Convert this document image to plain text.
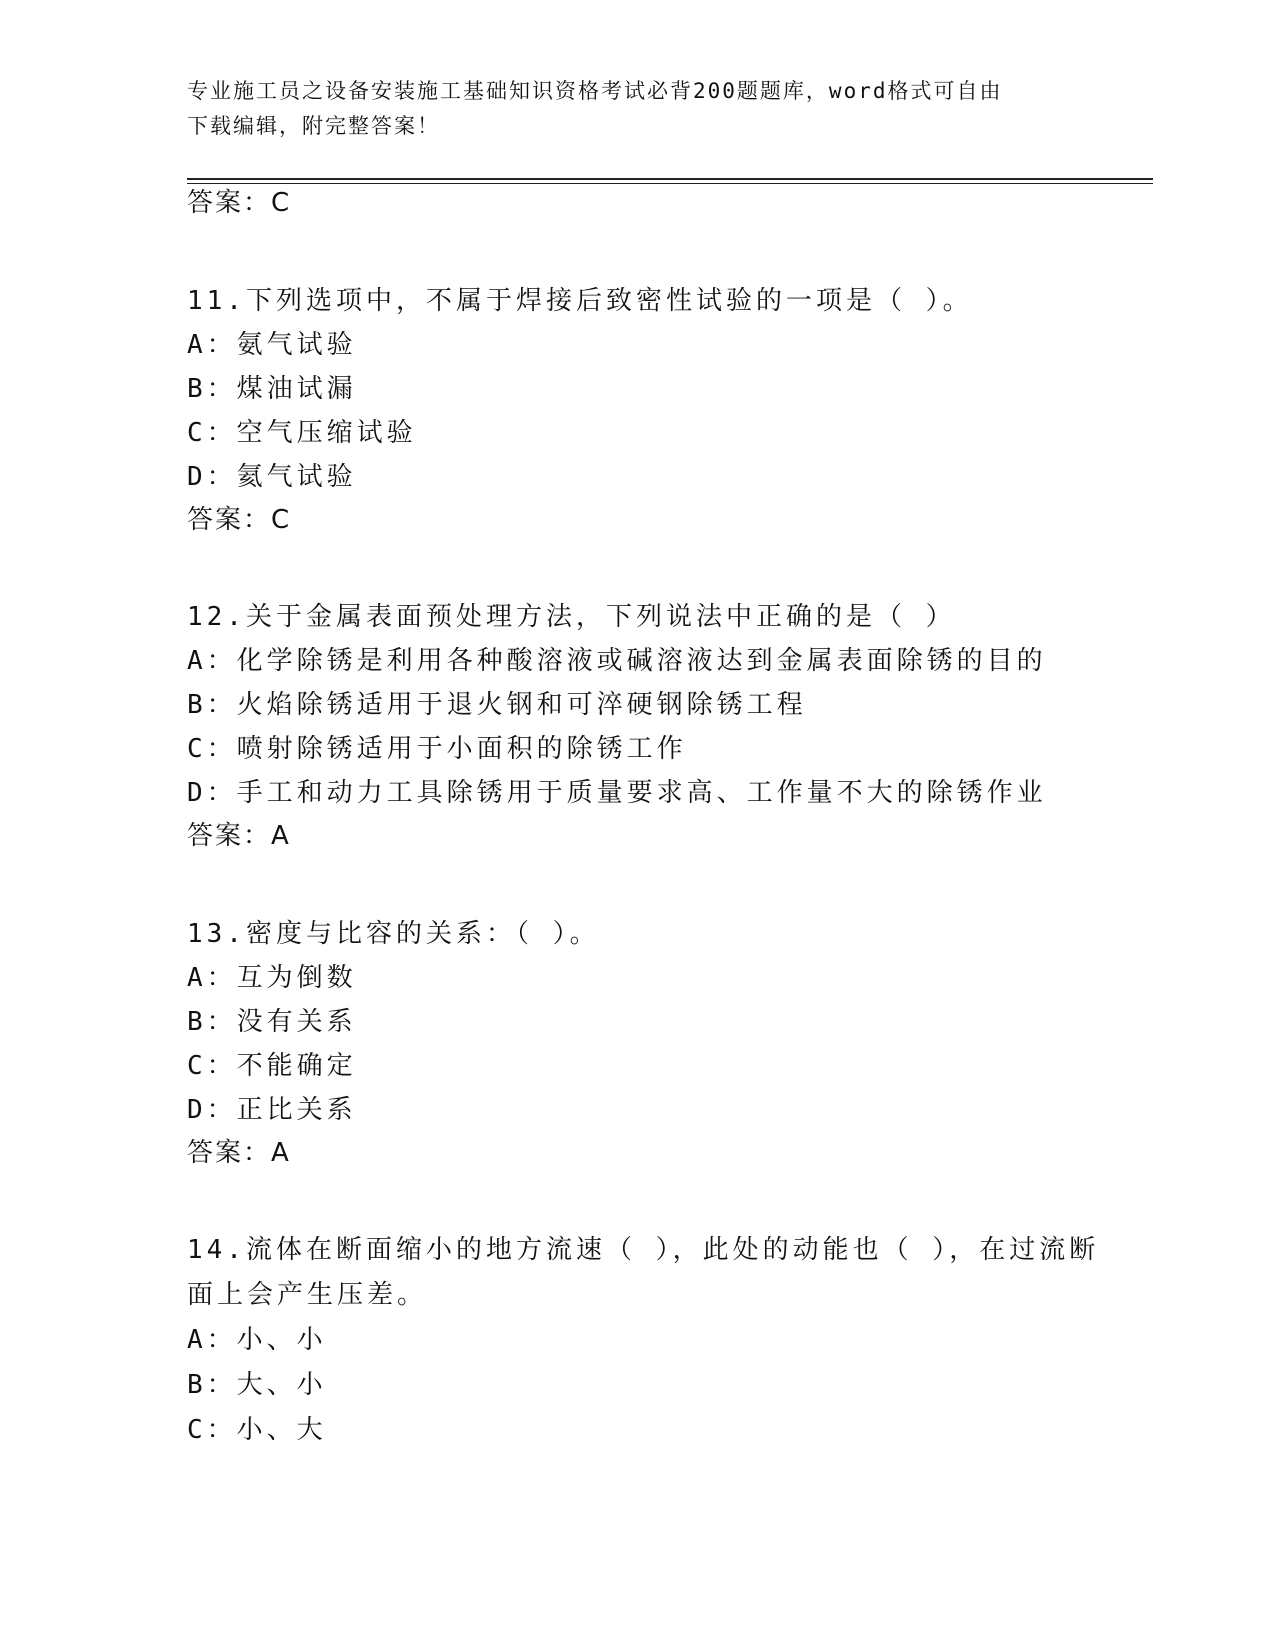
专业施工员之设备安装施工基础知识资格考试必背200题题库，word格式可自由
下载编辑，附完整答案！
答案：C
11.下列选项中，不属于焊接后致密性试验的一项是（ ）。
A：氨气试验
B：煤油试漏
C：空气压缩试验
D：氦气试验
答案：C
12.关于金属表面预处理方法，下列说法中正确的是（ ）
A：化学除锈是利用各种酸溶液或碱溶液达到金属表面除锈的目的
B：火焰除锈适用于退火钢和可淬硬钢除锈工程
C：喷射除锈适用于小面积的除锈工作
D：手工和动力工具除锈用于质量要求高、工作量不大的除锈作业
答案：A
13.密度与比容的关系：（ ）。
A：互为倒数
B：没有关系
C：不能确定
D：正比关系
答案：A
14.流体在断面缩小的地方流速（ ），此处的动能也（ ），在过流断
面上会产生压差。
A：小、小
B：大、小
C：小、大
